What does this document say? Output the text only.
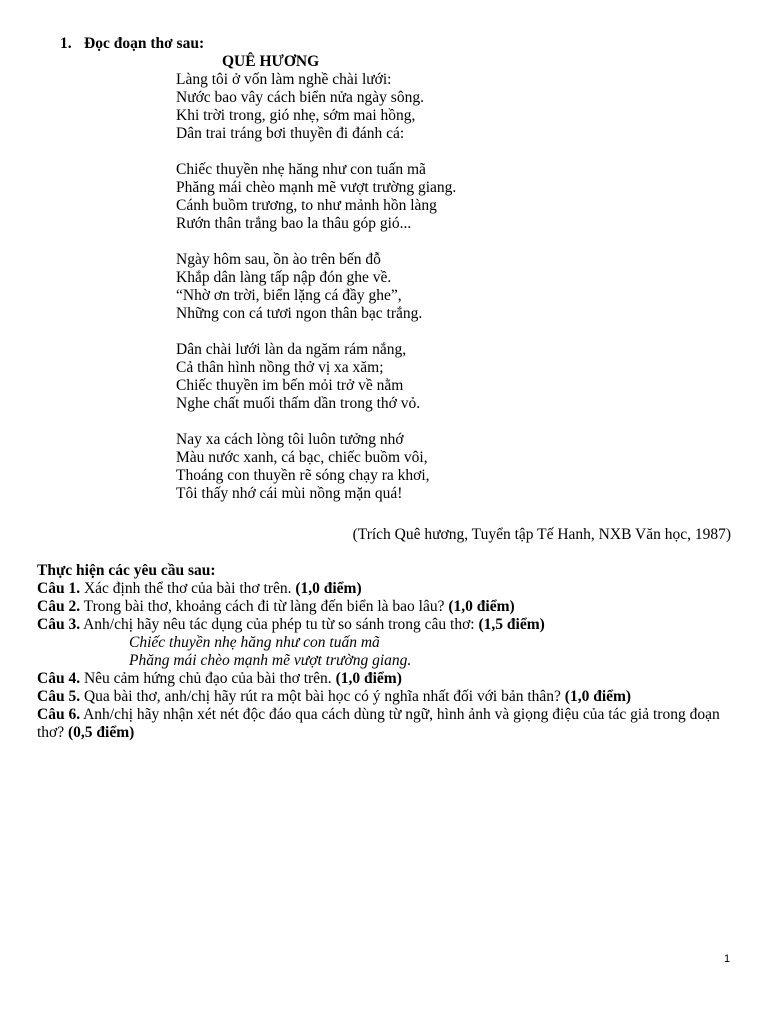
1. Đọc đoạn thơ sau:
QUÊ HƯƠNG
Làng tôi ở vốn làm nghề chài lưới:
Nước bao vây cách biển nửa ngày sông.
Khi trời trong, gió nhẹ, sớm mai hồng,
Dân trai tráng bơi thuyền đi đánh cá:
Chiếc thuyền nhẹ hăng như con tuấn mã
Phăng mái chèo mạnh mẽ vượt trường giang.
Cánh buồm trương, to như mảnh hồn làng
Rướn thân trắng bao la thâu góp gió...
Ngày hôm sau, ồn ào trên bến đỗ
Khắp dân làng tấp nập đón ghe về.
“Nhờ ơn trời, biển lặng cá đầy ghe”,
Những con cá tươi ngon thân bạc trắng.
Dân chài lưới làn da ngăm rám nắng,
Cả thân hình nồng thở vị xa xăm;
Chiếc thuyền im bến mỏi trở về nằm
Nghe chất muối thấm dần trong thớ vỏ.
Nay xa cách lòng tôi luôn tưởng nhớ
Màu nước xanh, cá bạc, chiếc buồm vôi,
Thoáng con thuyền rẽ sóng chạy ra khơi,
Tôi thấy nhớ cái mùi nồng mặn quá!
(Trích Quê hương, Tuyển tập Tế Hanh, NXB Văn học, 1987)
Thực hiện các yêu cầu sau:
Câu 1. Xác định thể thơ của bài thơ trên. (1,0 điểm)
Câu 2. Trong bài thơ, khoảng cách đi từ làng đến biển là bao lâu? (1,0 điểm)
Câu 3. Anh/chị hãy nêu tác dụng của phép tu từ so sánh trong câu thơ: (1,5 điểm)
Chiếc thuyền nhẹ hăng như con tuấn mã
Phăng mái chèo mạnh mẽ vượt trường giang.
Câu 4. Nêu cảm hứng chủ đạo của bài thơ trên. (1,0 điểm)
Câu 5. Qua bài thơ, anh/chị hãy rút ra một bài học có ý nghĩa nhất đối với bản thân? (1,0 điểm)
Câu 6. Anh/chị hãy nhận xét nét độc đáo qua cách dùng từ ngữ, hình ảnh và giọng điệu của tác giả trong đoạn thơ? (0,5 điểm)
1
